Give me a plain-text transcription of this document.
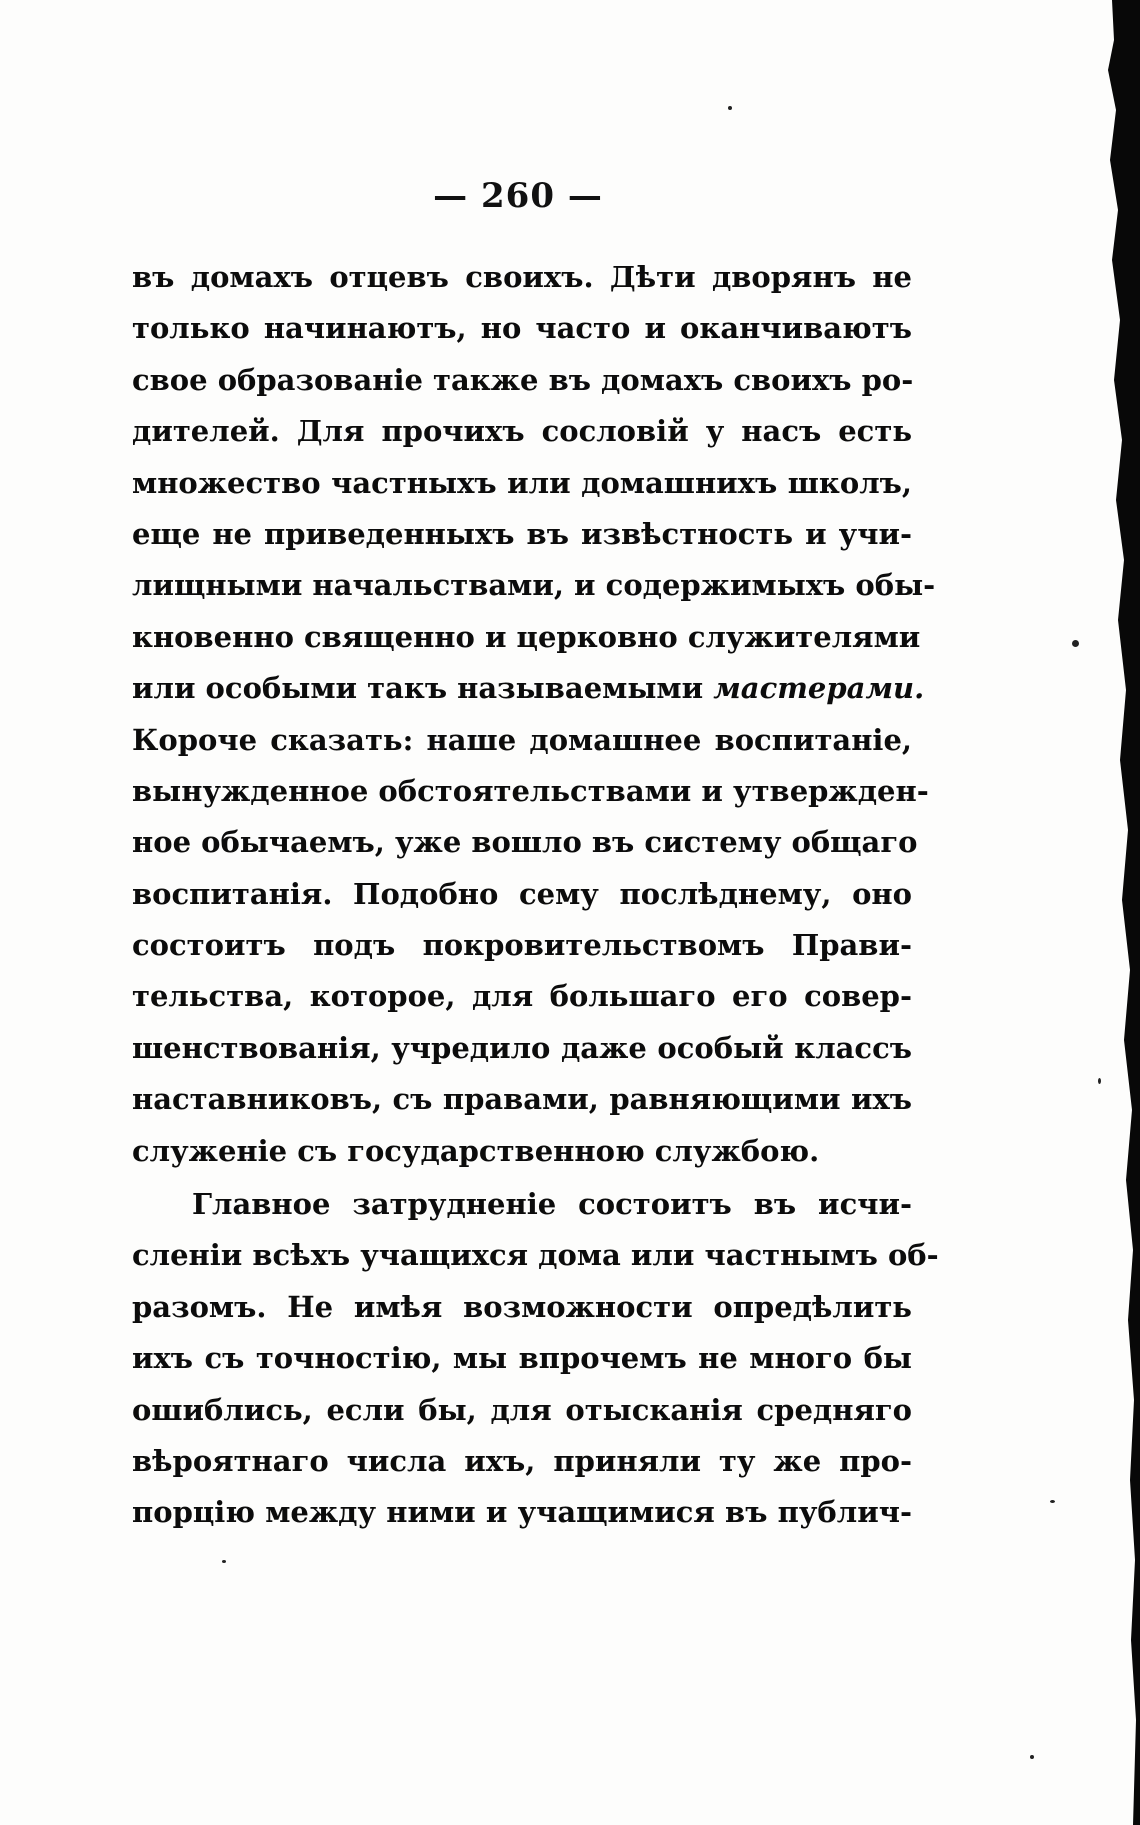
— 260 —
въ домахъ отцевъ своихъ. Дѣти дворянъ не
только начинаютъ, но часто и оканчиваютъ
свое образованіе также въ домахъ своихъ ро-
дителей. Для прочихъ сословій у насъ есть
множество частныхъ или домашнихъ школъ,
еще не приведенныхъ въ извѣстность и учи-
лищными начальствами, и содержимыхъ обы-
кновенно священно и церковно служителями
или особыми такъ называемыми мастерами.
Короче сказать: наше домашнее воспитаніе,
вынужденное обстоятельствами и утвержден-
ное обычаемъ, уже вошло въ систему общаго
воспитанія. Подобно сему послѣднему, оно
состоитъ подъ покровительствомъ Прави-
тельства, которое, для большаго его совер-
шенствованія, учредило даже особый классъ
наставниковъ, съ правами, равняющими ихъ
служеніе съ государственною службою.
Главное затрудненіе состоитъ въ исчи-
сленіи всѣхъ учащихся дома или частнымъ об-
разомъ. Не имѣя возможности опредѣлить
ихъ съ точностію, мы впрочемъ не много бы
ошиблись, если бы, для отысканія средняго
вѣроятнаго числа ихъ, приняли ту же про-
порцію между ними и учащимися въ публич-
